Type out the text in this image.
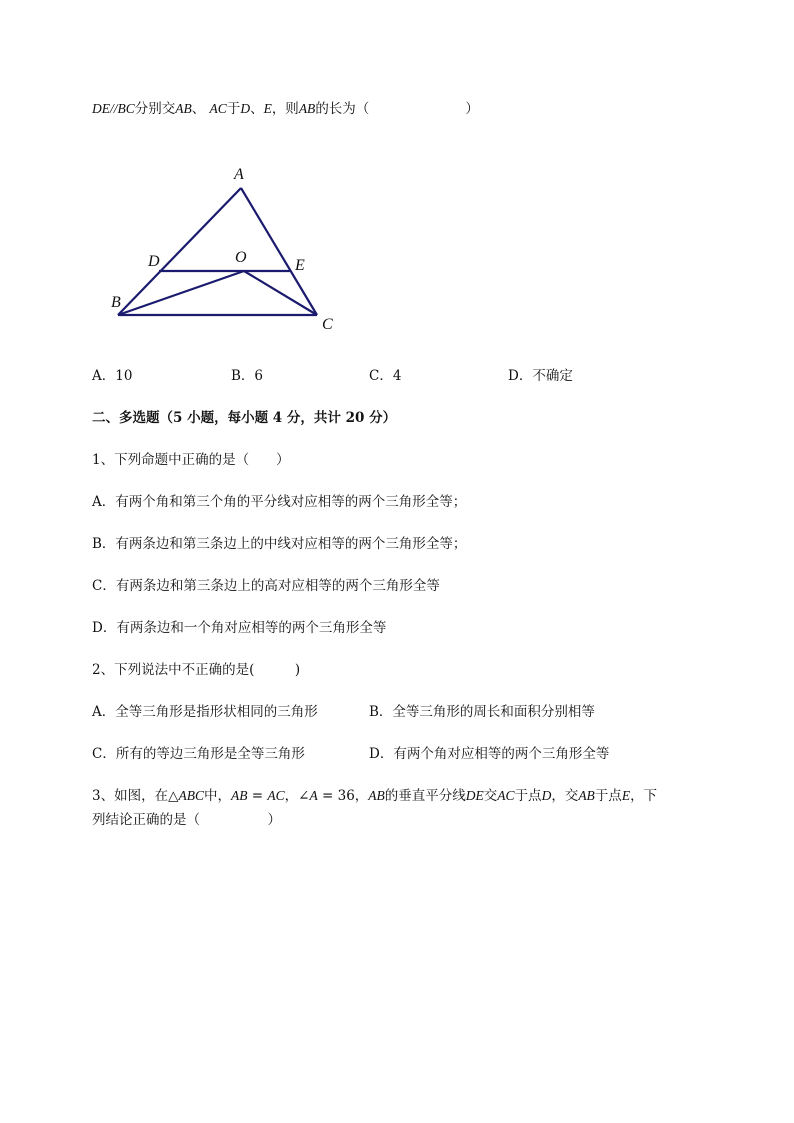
DE//BC分别交AB、 AC于D、E，则AB的长为（	）
A
D	O	E
B
C
A．10	B．6	C．4	D．不确定
二、多选题（5 小题，每小题 4 分，共计 20 分）
1、下列命题中正确的是（　　）
A．有两个角和第三个角的平分线对应相等的两个三角形全等；
B．有两条边和第三条边上的中线对应相等的两个三角形全等；
C．有两条边和第三条边上的高对应相等的两个三角形全等
D．有两条边和一个角对应相等的两个三角形全等
2、下列说法中不正确的是(　　　)
A．全等三角形是指形状相同的三角形	B．全等三角形的周长和面积分别相等
C．所有的等边三角形是全等三角形	D．有两个角对应相等的两个三角形全等
3、如图，在△ABC中，AB = AC，∠A = 36，AB的垂直平分线DE交AC于点D，交AB于点E，下
列结论正确的是（　　　　　）
